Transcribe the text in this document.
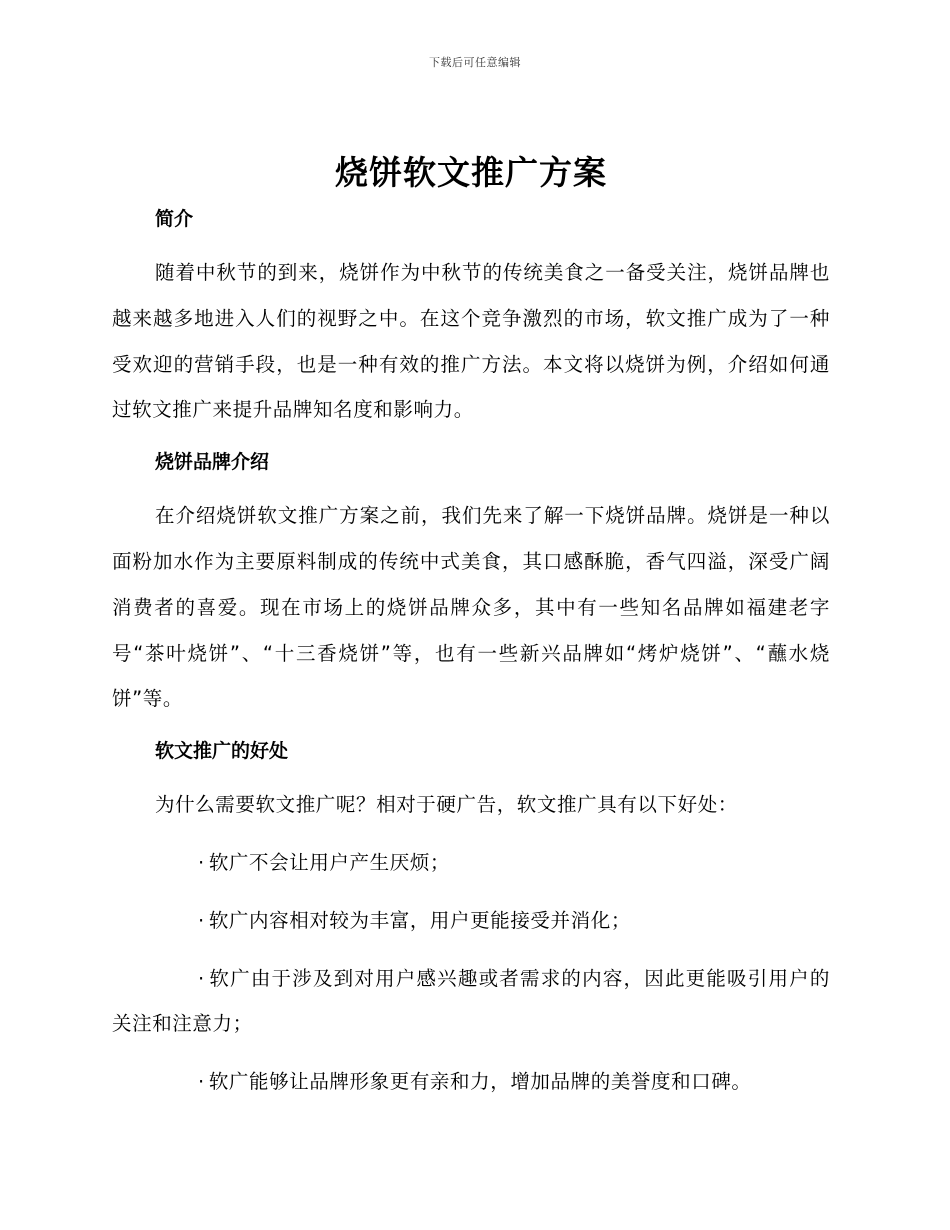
下载后可任意编辑
烧饼软文推广方案
简介

随着中秋节的到来，烧饼作为中秋节的传统美食之一备受关注，烧饼品牌也越来越多地进入人们的视野之中。在这个竞争激烈的市场，软文推广成为了一种受欢迎的营销手段，也是一种有效的推广方法。本文将以烧饼为例，介绍如何通过软文推广来提升品牌知名度和影响力。

烧饼品牌介绍

在介绍烧饼软文推广方案之前，我们先来了解一下烧饼品牌。烧饼是一种以面粉加水作为主要原料制成的传统中式美食，其口感酥脆，香气四溢，深受广阔消费者的喜爱。现在市场上的烧饼品牌众多，其中有一些知名品牌如福建老字号“茶叶烧饼”、“十三香烧饼”等，也有一些新兴品牌如“烤炉烧饼”、“蘸水烧饼”等。

软文推广的好处

为什么需要软文推广呢？相对于硬广告，软文推广具有以下好处：

· 软广不会让用户产生厌烦；

· 软广内容相对较为丰富，用户更能接受并消化；

· 软广由于涉及到对用户感兴趣或者需求的内容，因此更能吸引用户的关注和注意力；

· 软广能够让品牌形象更有亲和力，增加品牌的美誉度和口碑。
